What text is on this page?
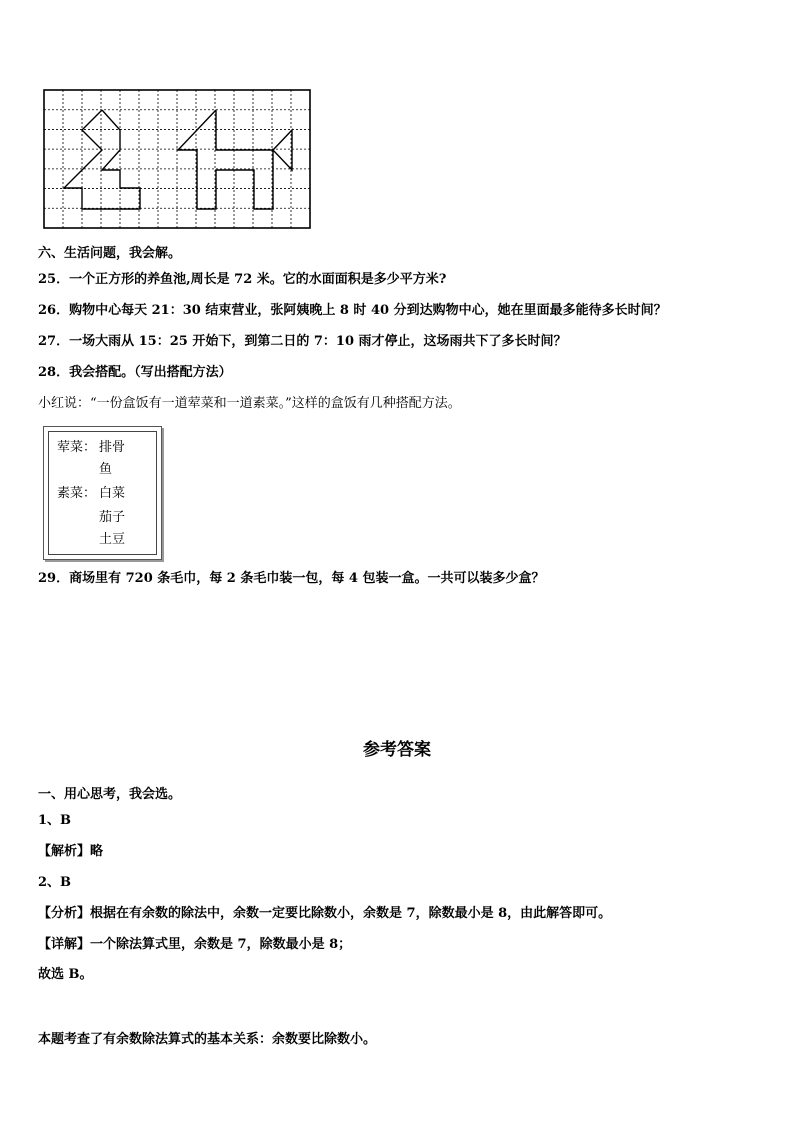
六、生活问题，我会解。
25．一个正方形的养鱼池,周长是 72 米。它的水面面积是多少平方米?
26．购物中心每天 21：30 结束营业，张阿姨晚上 8 时 40 分到达购物中心，她在里面最多能待多长时间？
27．一场大雨从 15：25 开始下，到第二日的 7：10 雨才停止，这场雨共下了多长时间？
28．我会搭配。（写出搭配方法）
小红说：“一份盒饭有一道荤菜和一道素菜。”这样的盒饭有几种搭配方法。
荤菜： 排骨
鱼
素菜： 白菜
茄子
土豆
29．商场里有 720 条毛巾，每 2 条毛巾装一包，每 4 包装一盒。一共可以装多少盒？
参考答案
一、用心思考，我会选。
1、B
【解析】略
2、B
【分析】根据在有余数的除法中，余数一定要比除数小，余数是 7，除数最小是 8，由此解答即可。
【详解】一个除法算式里，余数是 7，除数最小是 8；
故选 B。
本题考查了有余数除法算式的基本关系：余数要比除数小。
